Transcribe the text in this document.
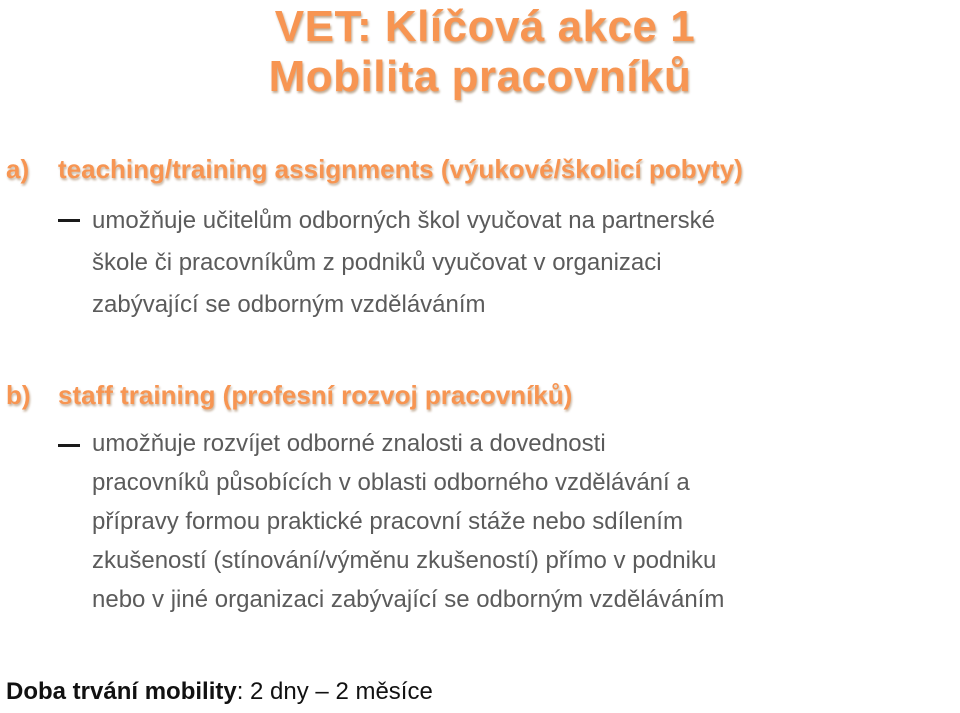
VET: Klíčová akce 1
Mobilita pracovníků
a) teaching/training assignments (výukové/školicí pobyty)
umožňuje učitelům odborných škol vyučovat na partnerské
škole či pracovníkům z podniků vyučovat v organizaci
zabývající se odborným vzděláváním
b) staff training (profesní rozvoj pracovníků)
umožňuje rozvíjet odborné znalosti a dovednosti
pracovníků působících v oblasti odborného vzdělávání a
přípravy formou praktické pracovní stáže nebo sdílením
zkušeností (stínování/výměnu zkušeností) přímo v podniku
nebo v jiné organizaci zabývající se odborným vzděláváním
Doba trvání mobility: 2 dny – 2 měsíce
